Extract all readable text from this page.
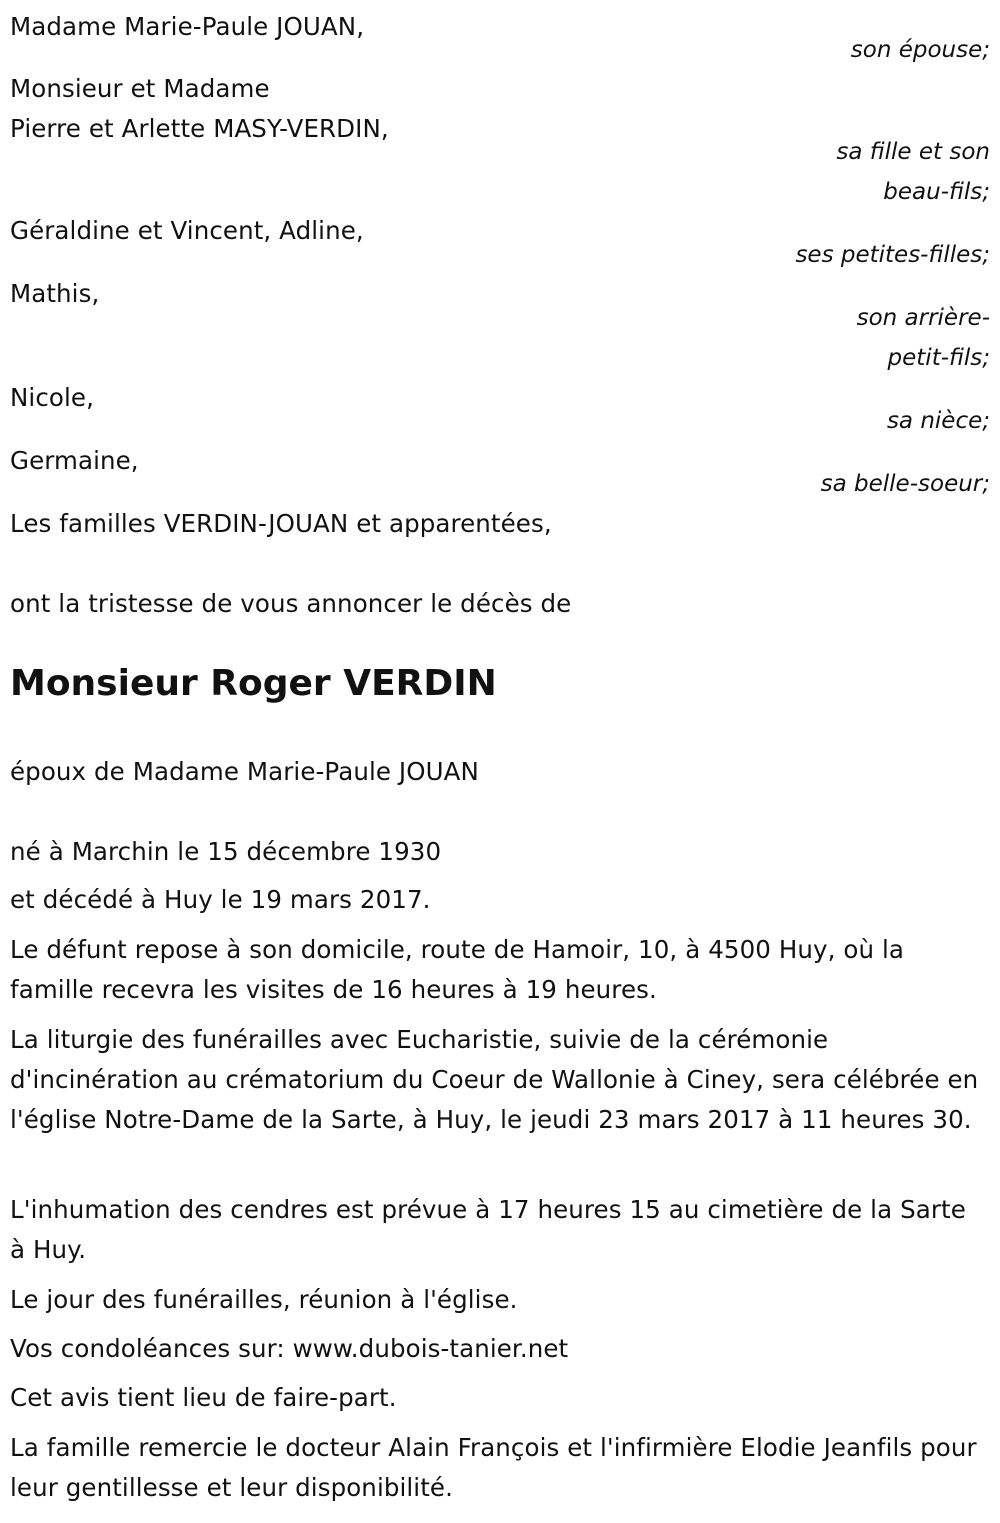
Madame Marie-Paule JOUAN,
son épouse;
Monsieur et Madame
Pierre et Arlette MASY-VERDIN,
sa fille et son beau-fils;
Géraldine et Vincent, Adline,
ses petites-filles;
Mathis,
son arrière-petit-fils;
Nicole,
sa nièce;
Germaine,
sa belle-soeur;
Les familles VERDIN-JOUAN et apparentées,
ont la tristesse de vous annoncer le décès de
Monsieur Roger VERDIN
époux de Madame Marie-Paule JOUAN
né à Marchin le 15 décembre 1930
et décédé à Huy le 19 mars 2017.
Le défunt repose à son domicile, route de Hamoir, 10, à 4500 Huy, où la famille recevra les visites de 16 heures à 19 heures.
La liturgie des funérailles avec Eucharistie, suivie de la cérémonie d'incinération au crématorium du Coeur de Wallonie à Ciney, sera célébrée en l'église Notre-Dame de la Sarte, à Huy, le jeudi 23 mars 2017 à 11 heures 30.
L'inhumation des cendres est prévue à 17 heures 15 au cimetière de la Sarte à Huy.
Le jour des funérailles, réunion à l'église.
Vos condoléances sur: www.dubois-tanier.net
Cet avis tient lieu de faire-part.
La famille remercie le docteur Alain François et l'infirmière Elodie Jeanfils pour leur gentillesse et leur disponibilité.
